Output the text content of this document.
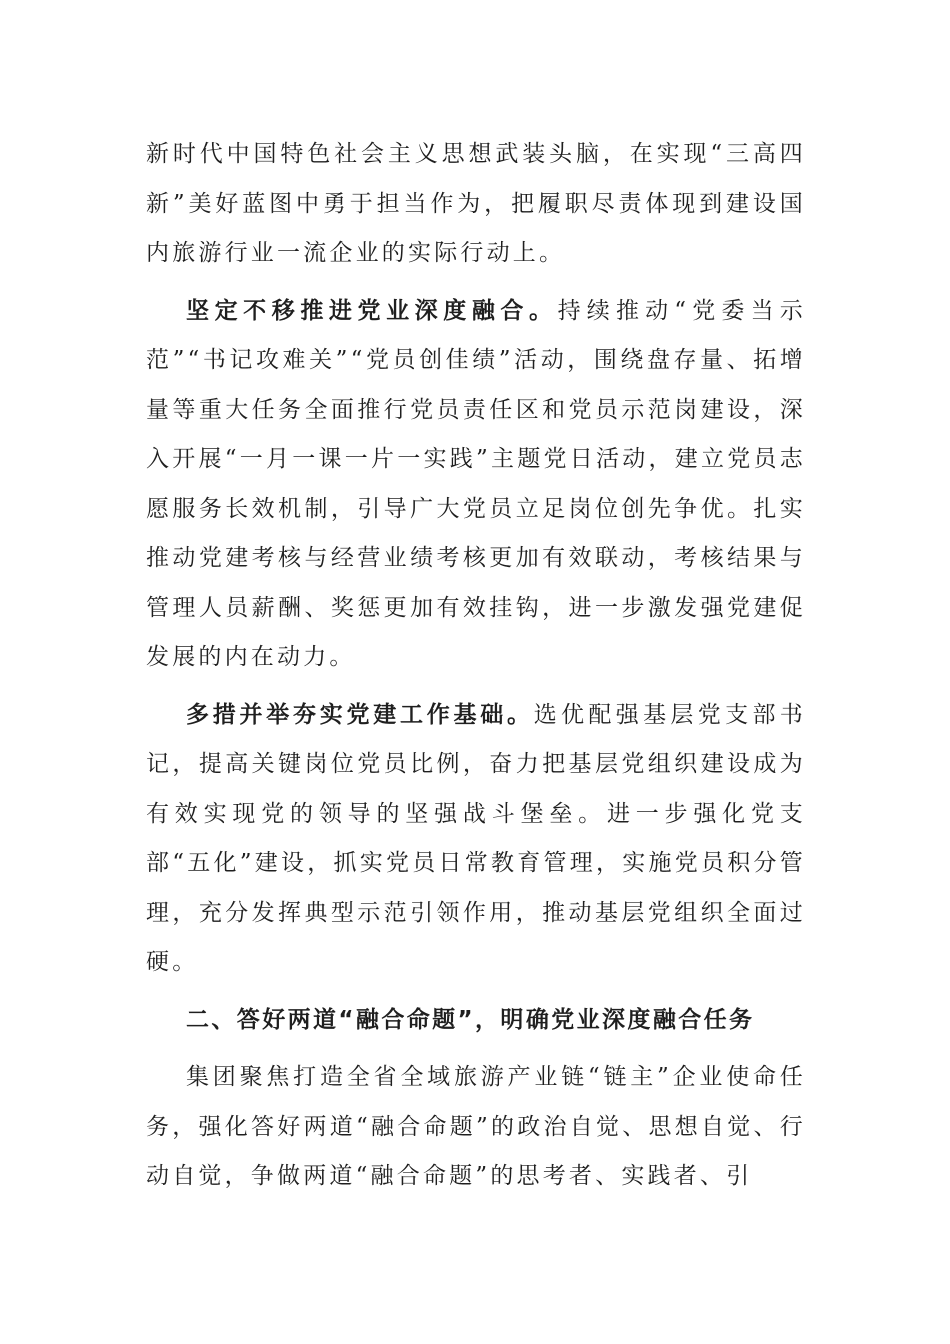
新时代中国特色社会主义思想武装头脑，在实现“三高四新”美好蓝图中勇于担当作为，把履职尽责体现到建设国内旅游行业一流企业的实际行动上。

坚定不移推进党业深度融合。持续推动“党委当示范”“书记攻难关”“党员创佳绩”活动，围绕盘存量、拓增量等重大任务全面推行党员责任区和党员示范岗建设，深入开展“一月一课一片一实践”主题党日活动，建立党员志愿服务长效机制，引导广大党员立足岗位创先争优。扎实推动党建考核与经营业绩考核更加有效联动，考核结果与管理人员薪酬、奖惩更加有效挂钩，进一步激发强党建促发展的内在动力。

多措并举夯实党建工作基础。选优配强基层党支部书记，提高关键岗位党员比例，奋力把基层党组织建设成为有效实现党的领导的坚强战斗堡垒。进一步强化党支部“五化”建设，抓实党员日常教育管理，实施党员积分管理，充分发挥典型示范引领作用，推动基层党组织全面过硬。

二、答好两道“融合命题”，明确党业深度融合任务

集团聚焦打造全省全域旅游产业链“链主”企业使命任务，强化答好两道“融合命题”的政治自觉、思想自觉、行动自觉，争做两道“融合命题”的思考者、实践者、引
